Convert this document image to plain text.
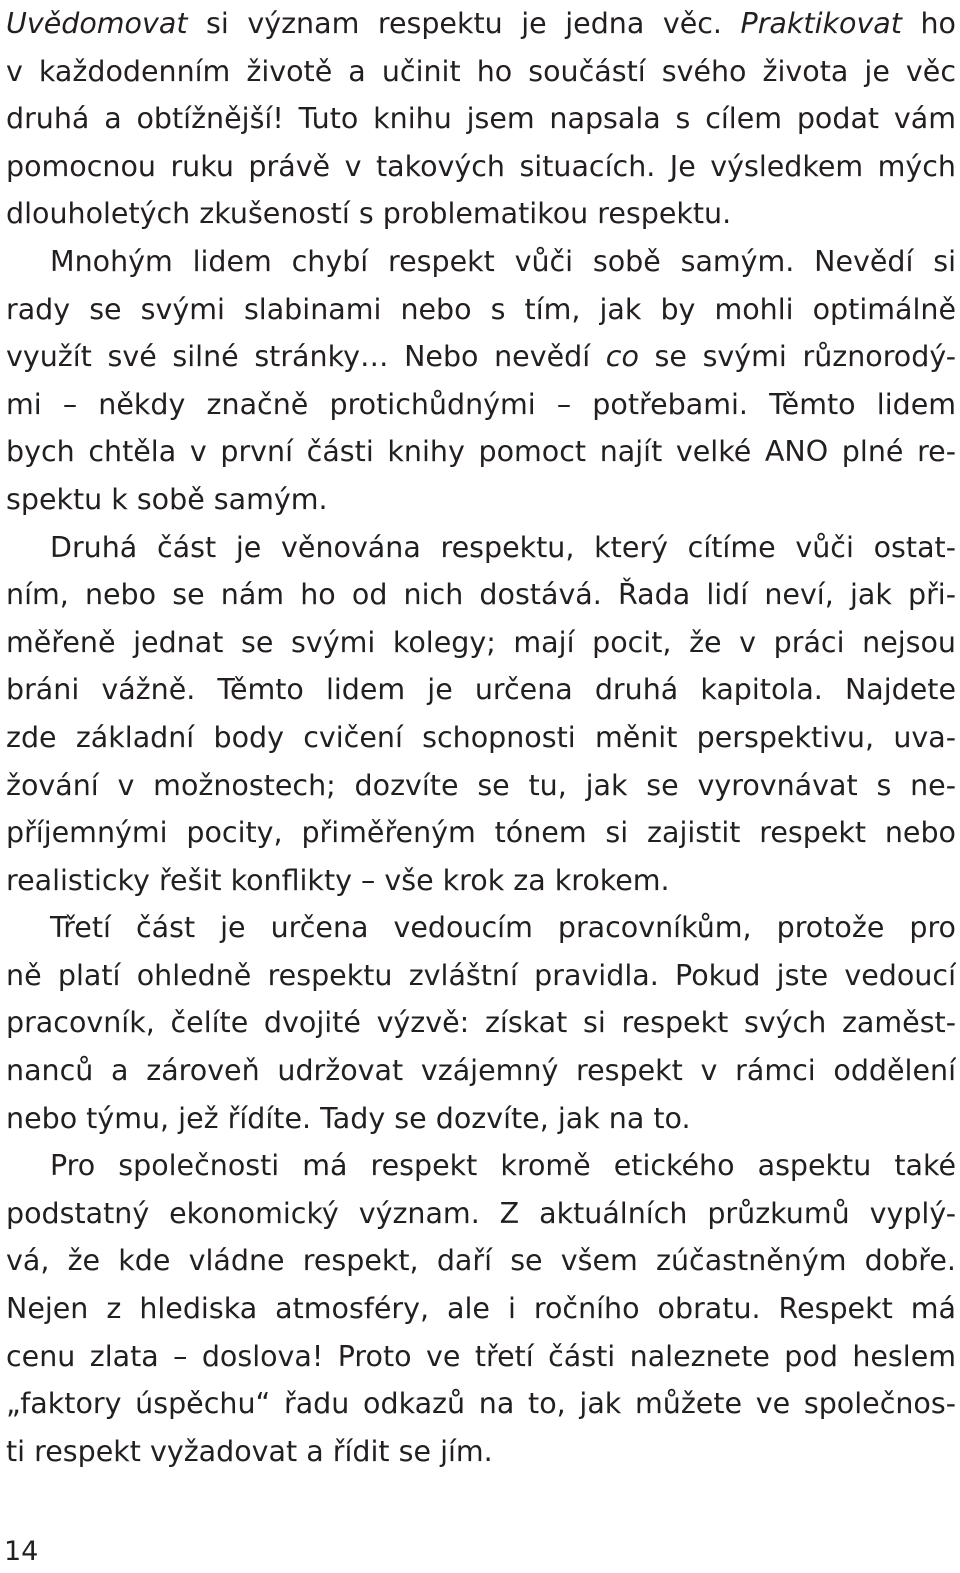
Uvědomovat si význam respektu je jedna věc. Praktikovat ho
v každodenním životě a učinit ho součástí svého života je věc
druhá a obtížnější! Tuto knihu jsem napsala s cílem podat vám
pomocnou ruku právě v takových situacích. Je výsledkem mých
dlouholetých zkušeností s problematikou respektu.
Mnohým lidem chybí respekt vůči sobě samým. Nevědí si
rady se svými slabinami nebo s tím, jak by mohli optimálně
využít své silné stránky… Nebo nevědí co se svými různorodý-
mi – někdy značně protichůdnými – potřebami. Těmto lidem
bych chtěla v první části knihy pomoct najít velké ANO plné re-
spektu k sobě samým.
Druhá část je věnována respektu, který cítíme vůči ostat-
ním, nebo se nám ho od nich dostává. Řada lidí neví, jak při-
měřeně jednat se svými kolegy; mají pocit, že v práci nejsou
bráni vážně. Těmto lidem je určena druhá kapitola. Najdete
zde základní body cvičení schopnosti měnit perspektivu, uva-
žování v možnostech; dozvíte se tu, jak se vyrovnávat s ne-
příjemnými pocity, přiměřeným tónem si zajistit respekt nebo
realisticky řešit konflikty – vše krok za krokem.
Třetí část je určena vedoucím pracovníkům, protože pro
ně platí ohledně respektu zvláštní pravidla. Pokud jste vedoucí
pracovník, čelíte dvojité výzvě: získat si respekt svých zaměst-
nanců a zároveň udržovat vzájemný respekt v rámci oddělení
nebo týmu, jež řídíte. Tady se dozvíte, jak na to.
Pro společnosti má respekt kromě etického aspektu také
podstatný ekonomický význam. Z aktuálních průzkumů vyplý-
vá, že kde vládne respekt, daří se všem zúčastněným dobře.
Nejen z hlediska atmosféry, ale i ročního obratu. Respekt má
cenu zlata – doslova! Proto ve třetí části naleznete pod heslem
„faktory úspěchu“ řadu odkazů na to, jak můžete ve společnos-
ti respekt vyžadovat a řídit se jím.
14
